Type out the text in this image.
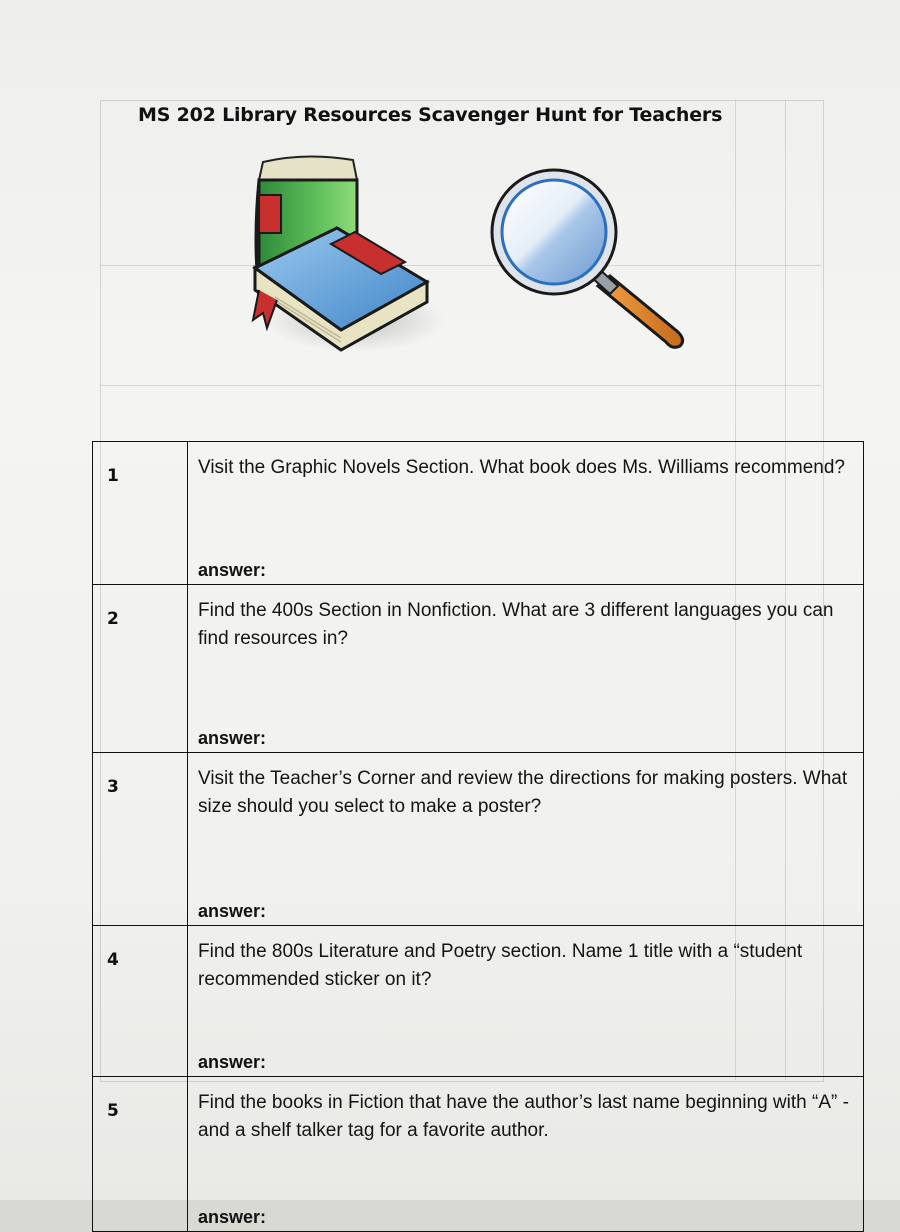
MS 202 Library Resources Scavenger Hunt for Teachers
1	Visit the Graphic Novels Section. What book does Ms. Williams recommend?
answer:

2	Find the 400s Section in Nonfiction. What are 3 different languages you can find resources in?
answer:

3	Visit the Teacher’s Corner and review the directions for making posters. What size should you select to make a poster?
answer:

4	Find the 800s Literature and Poetry section. Name 1 title with a “student recommended sticker on it?
answer:

5	Find the books in Fiction that have the author’s last name beginning with “A” - and a shelf talker tag for a favorite author.
answer:
